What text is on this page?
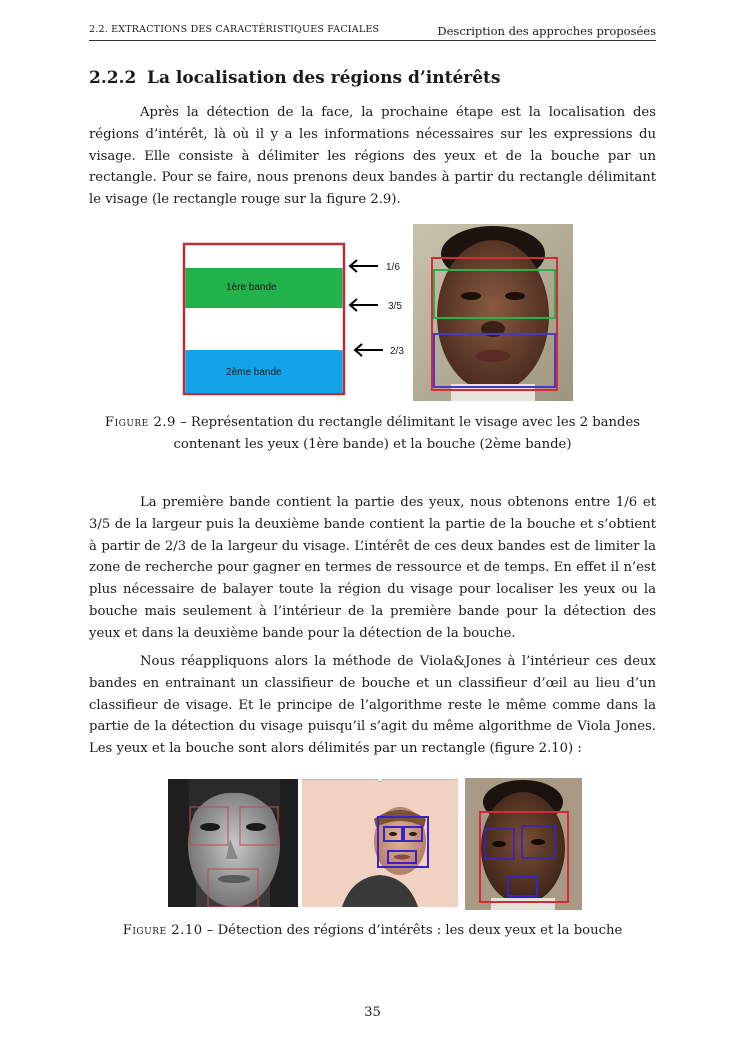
2.2. EXTRACTIONS DES CARACTÉRISTIQUES FACIALES	Description des approches proposées
2.2.2 La localisation des régions d’intérêts

Après la détection de la face, la prochaine étape est la localisation des régions d’intérêt, là où il y a les informations nécessaires sur les expressions du visage. Elle consiste à délimiter les régions des yeux et de la bouche par un rectangle. Pour se faire, nous prenons deux bandes à partir du rectangle délimitant le visage (le rectangle rouge sur la figure 2.9).

1ère bande
2ème bande
1/6
3/5
2/3

Figure 2.9 – Représentation du rectangle délimitant le visage avec les 2 bandes contenant les yeux (1ère bande) et la bouche (2ème bande)

La première bande contient la partie des yeux, nous obtenons entre 1/6 et 3/5 de la largeur puis la deuxième bande contient la partie de la bouche et s’obtient à partir de 2/3 de la largeur du visage. L’intérêt de ces deux bandes est de limiter la zone de recherche pour gagner en termes de ressource et de temps. En effet il n’est plus nécessaire de balayer toute la région du visage pour localiser les yeux ou la bouche mais seulement à l’intérieur de la première bande pour la détection des yeux et dans la deuxième bande pour la détection de la bouche.

Nous réappliquons alors la méthode de Viola&Jones à l’intérieur ces deux bandes en entrainant un classifieur de bouche et un classifieur d’œil au lieu d’un classifieur de visage. Et le principe de l’algorithme reste le même comme dans la partie de la détection du visage puisqu’il s’agit du même algorithme de Viola Jones. Les yeux et la bouche sont alors délimités par un rectangle (figure 2.10) :

Figure 2.10 – Détection des régions d’intérêts : les deux yeux et la bouche

35
